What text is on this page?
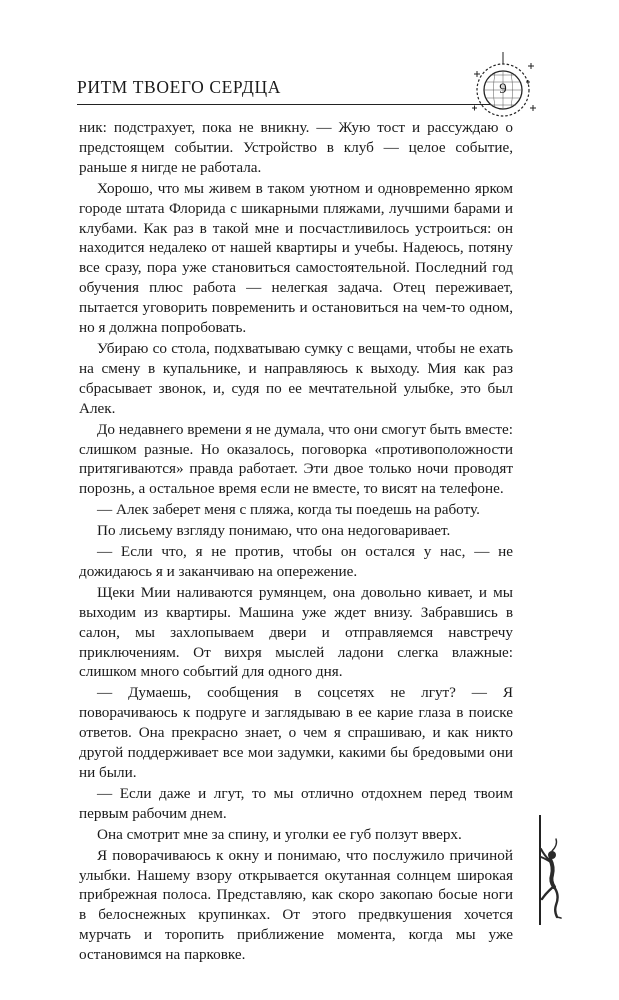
РИТМ ТВОЕГО СЕРДЦА	9

ник: подстрахует, пока не вникну. — Жую тост и рассуждаю о предстоящем событии. Устройство в клуб — целое событие, раньше я нигде не работала.

Хорошо, что мы живем в таком уютном и одновременно ярком городе штата Флорида с шикарными пляжами, лучшими барами и клубами. Как раз в такой мне и посчастливилось устроиться: он находится недалеко от нашей квартиры и учебы. Надеюсь, потяну все сразу, пора уже становиться самостоятельной. Последний год обучения плюс работа — нелегкая задача. Отец переживает, пытается уговорить повременить и остановиться на чем-то одном, но я должна попробовать.

Убираю со стола, подхватываю сумку с вещами, чтобы не ехать на смену в купальнике, и направляюсь к выходу. Мия как раз сбрасывает звонок, и, судя по ее мечтательной улыбке, это был Алек.

До недавнего времени я не думала, что они смогут быть вместе: слишком разные. Но оказалось, поговорка «противоположности притягиваются» правда работает. Эти двое только ночи проводят порознь, а остальное время если не вместе, то висят на телефоне.

— Алек заберет меня с пляжа, когда ты поедешь на работу.

По лисьему взгляду понимаю, что она недоговаривает.

— Если что, я не против, чтобы он остался у нас, — не дожидаюсь я и заканчиваю на опережение.

Щеки Мии наливаются румянцем, она довольно кивает, и мы выходим из квартиры. Машина уже ждет внизу. Забравшись в салон, мы захлопываем двери и отправляемся навстречу приключениям. От вихря мыслей ладони слегка влажные: слишком много событий для одного дня.

— Думаешь, сообщения в соцсетях не лгут? — Я поворачиваюсь к подруге и заглядываю в ее карие глаза в поиске ответов. Она прекрасно знает, о чем я спрашиваю, и как никто другой поддерживает все мои задумки, какими бы бредовыми они ни были.

— Если даже и лгут, то мы отлично отдохнем перед твоим первым рабочим днем.

Она смотрит мне за спину, и уголки ее губ ползут вверх.

Я поворачиваюсь к окну и понимаю, что послужило причиной улыбки. Нашему взору открывается окутанная солнцем широкая прибрежная полоса. Представляю, как скоро закопаю босые ноги в белоснежных крупинках. От этого предвкушения хочется мурчать и торопить приближение момента, когда мы уже остановимся на парковке.
